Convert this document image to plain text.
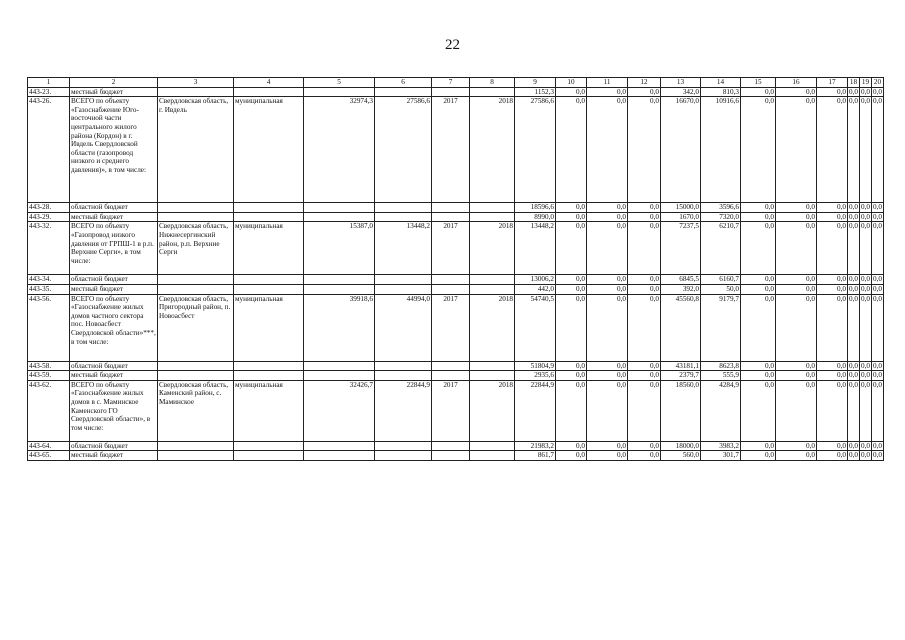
22
1	2	3	4	5	6	7	8	9	10	11	12	13	14	15	16	17	18	19	20
443-23.	местный бюджет							1152,3	0,0	0,0	0,0	342,0	810,3	0,0	0,0	0,0	0,0	0,0	0,0
443-26.	ВСЕГО по объекту «Газоснабжение Юго-восточной части центрального жилого района (Кордон) в г. Ивдель Свердловской области (газопровод низкого и среднего давления)», в том числе:	Свердловская область, г. Ивдель	муниципальная	32974,3	27586,6	2017	2018	27586,6	0,0	0,0	0,0	16670,0	10916,6	0,0	0,0	0,0	0,0	0,0	0,0
443-28.	областной бюджет							18596,6	0,0	0,0	0,0	15000,0	3596,6	0,0	0,0	0,0	0,0	0,0	0,0
443-29.	местный бюджет							8990,0	0,0	0,0	0,0	1670,0	7320,0	0,0	0,0	0,0	0,0	0,0	0,0
443-32.	ВСЕГО по объекту «Газопровод низкого давления от ГРПШ-1 в р.п. Верхние Серги», в том числе:	Свердловская область, Нижнесергинский район, р.п. Верхние Серги	муниципальная	15387,0	13448,2	2017	2018	13448,2	0,0	0,0	0,0	7237,5	6210,7	0,0	0,0	0,0	0,0	0,0	0,0
443-34.	областной бюджет							13006,2	0,0	0,0	0,0	6845,5	6160,7	0,0	0,0	0,0	0,0	0,0	0,0
443-35.	местный бюджет							442,0	0,0	0,0	0,0	392,0	50,0	0,0	0,0	0,0	0,0	0,0	0,0
443-56.	ВСЕГО по объекту «Газоснабжение жилых домов частного сектора пос. Новоасбест Свердловской области»***, в том числе:	Свердловская область, Пригородный район, п. Новоасбест	муниципальная	39918,6	44994,0	2017	2018	54740,5	0,0	0,0	0,0	45560,8	9179,7	0,0	0,0	0,0	0,0	0,0	0,0
443-58.	областной бюджет							51804,9	0,0	0,0	0,0	43181,1	8623,8	0,0	0,0	0,0	0,0	0,0	0,0
443-59.	местный бюджет							2935,6	0,0	0,0	0,0	2379,7	555,9	0,0	0,0	0,0	0,0	0,0	0,0
443-62.	ВСЕГО по объекту «Газоснабжение жилых домов в с. Маминское Каменского ГО Свердловской области», в том числе:	Свердловская область, Каменский район, с. Маминское	муниципальная	32426,7	22844,9	2017	2018	22844,9	0,0	0,0	0,0	18560,0	4284,9	0,0	0,0	0,0	0,0	0,0	0,0
443-64.	областной бюджет							21983,2	0,0	0,0	0,0	18000,0	3983,2	0,0	0,0	0,0	0,0	0,0	0,0
443-65.	местный бюджет							861,7	0,0	0,0	0,0	560,0	301,7	0,0	0,0	0,0	0,0	0,0	0,0
